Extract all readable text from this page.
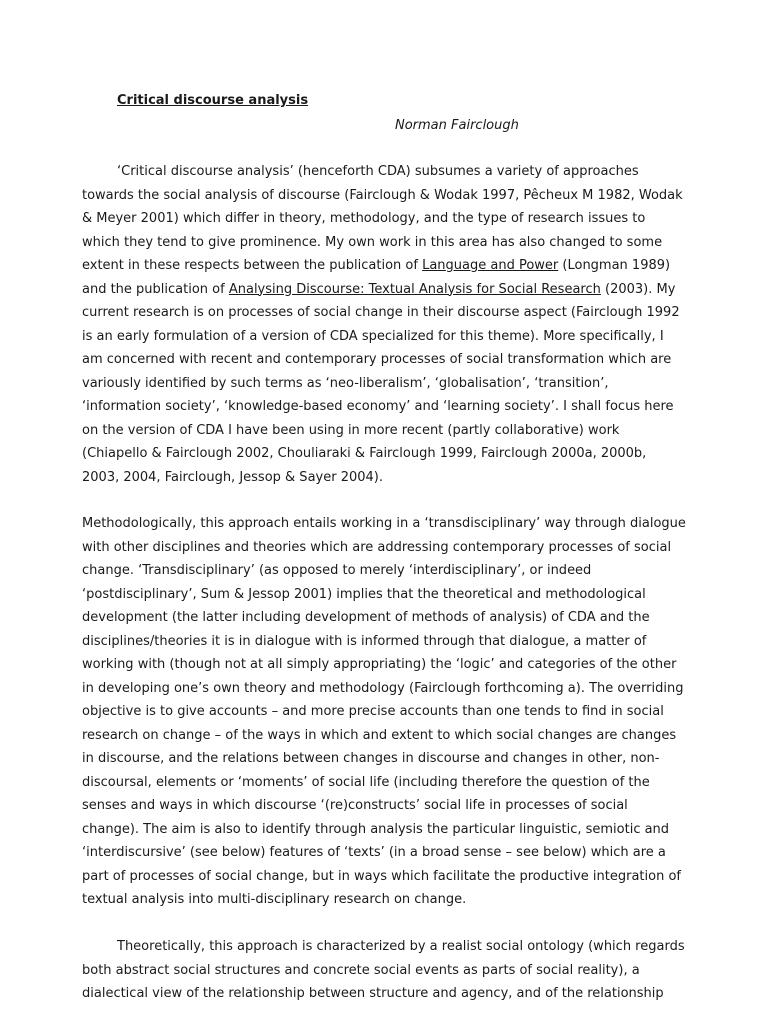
Critical discourse analysis

Norman Fairclough

‘Critical discourse analysis’ (henceforth CDA) subsumes a variety of approaches
towards the social analysis of discourse (Fairclough & Wodak 1997, Pêcheux M 1982, Wodak
& Meyer 2001) which differ in theory, methodology, and the type of research issues to
which they tend to give prominence. My own work in this area has also changed to some
extent in these respects between the publication of Language and Power (Longman 1989)
and the publication of Analysing Discourse: Textual Analysis for Social Research (2003). My
current research is on processes of social change in their discourse aspect (Fairclough 1992
is an early formulation of a version of CDA specialized for this theme). More specifically, I
am concerned with recent and contemporary processes of social transformation which are
variously identified by such terms as ‘neo-liberalism’, ‘globalisation’, ‘transition’,
‘information society’, ‘knowledge-based economy’ and ‘learning society’. I shall focus here
on the version of CDA I have been using in more recent (partly collaborative) work
(Chiapello & Fairclough 2002, Chouliaraki & Fairclough 1999, Fairclough 2000a, 2000b,
2003, 2004, Fairclough, Jessop & Sayer 2004).
Methodologically, this approach entails working in a ‘transdisciplinary’ way through dialogue
with other disciplines and theories which are addressing contemporary processes of social
change. ‘Transdisciplinary’ (as opposed to merely ‘interdisciplinary’, or indeed
‘postdisciplinary’, Sum & Jessop 2001) implies that the theoretical and methodological
development (the latter including development of methods of analysis) of CDA and the
disciplines/theories it is in dialogue with is informed through that dialogue, a matter of
working with (though not at all simply appropriating) the ‘logic’ and categories of the other
in developing one’s own theory and methodology (Fairclough forthcoming a). The overriding
objective is to give accounts – and more precise accounts than one tends to find in social
research on change – of the ways in which and extent to which social changes are changes
in discourse, and the relations between changes in discourse and changes in other, non-
discoursal, elements or ‘moments’ of social life (including therefore the question of the
senses and ways in which discourse ‘(re)constructs’ social life in processes of social
change). The aim is also to identify through analysis the particular linguistic, semiotic and
‘interdiscursive’ (see below) features of ‘texts’ (in a broad sense – see below) which are a
part of processes of social change, but in ways which facilitate the productive integration of
textual analysis into multi-disciplinary research on change.
Theoretically, this approach is characterized by a realist social ontology (which regards
both abstract social structures and concrete social events as parts of social reality), a
dialectical view of the relationship between structure and agency, and of the relationship
